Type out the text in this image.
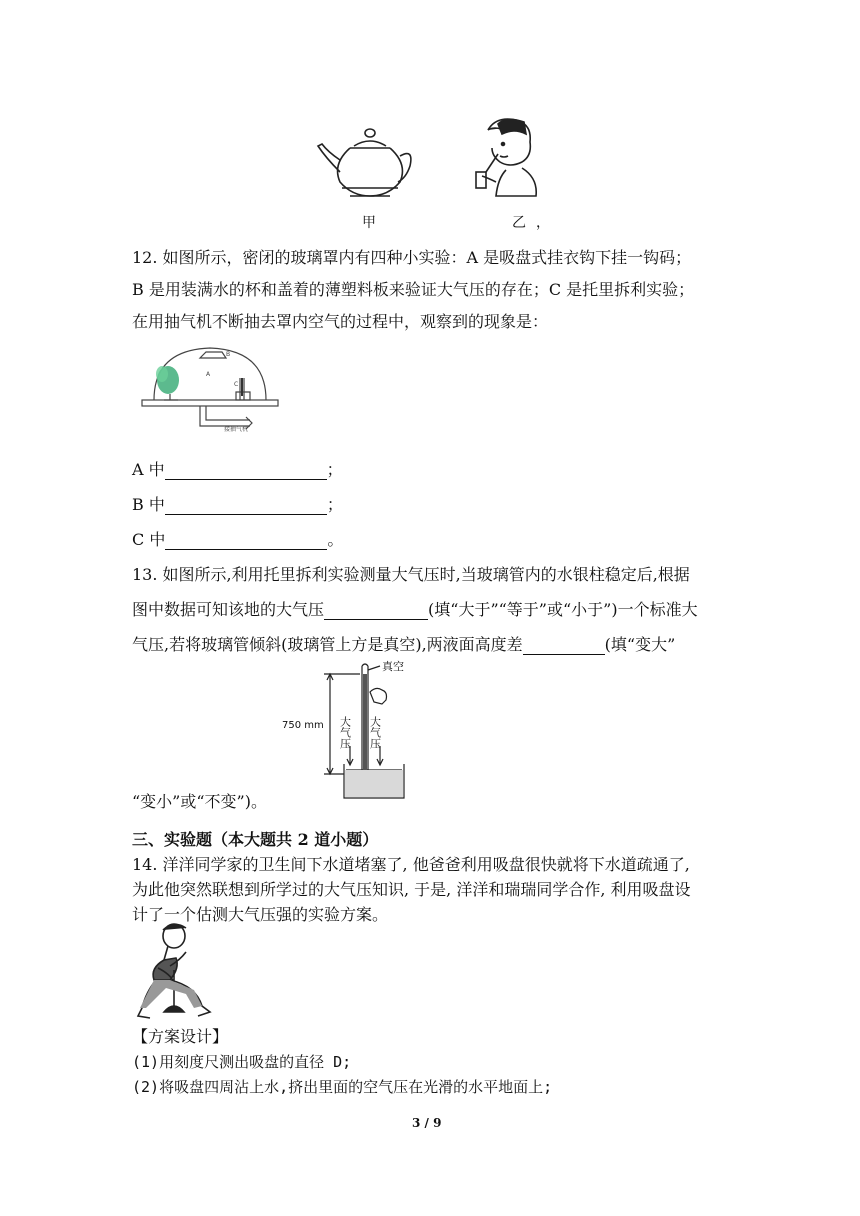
甲	乙 ，
12. 如图所示，密闭的玻璃罩内有四种小实验：A 是吸盘式挂衣钩下挂一钩码；
B 是用装满水的杯和盖着的薄塑料板来验证大气压的存在；C 是托里拆利实验；
在用抽气机不断抽去罩内空气的过程中，观察到的现象是：
A
C
B
接抽气机
A 中	；
B 中	；
C 中	。
13. 如图所示,利用托里拆利实验测量大气压时,当玻璃管内的水银柱稳定后,根据
图中数据可知该地的大气压	(填“大于”“等于”或“小于”)一个标准大
气压,若将玻璃管倾斜(玻璃管上方是真空),两液面高度差	(填“变大”
真空
750 mm 大气压 大气压
“变小”或“不变”)。
三、实验题（本大题共 2 道小题）
14. 洋洋同学家的卫生间下水道堵塞了, 他爸爸利用吸盘很快就将下水道疏通了,
为此他突然联想到所学过的大气压知识, 于是, 洋洋和瑞瑞同学合作, 利用吸盘设
计了一个估测大气压强的实验方案。
【方案设计】
(1)用刻度尺测出吸盘的直径 D;
(2)将吸盘四周沾上水,挤出里面的空气压在光滑的水平地面上;
3 / 9
